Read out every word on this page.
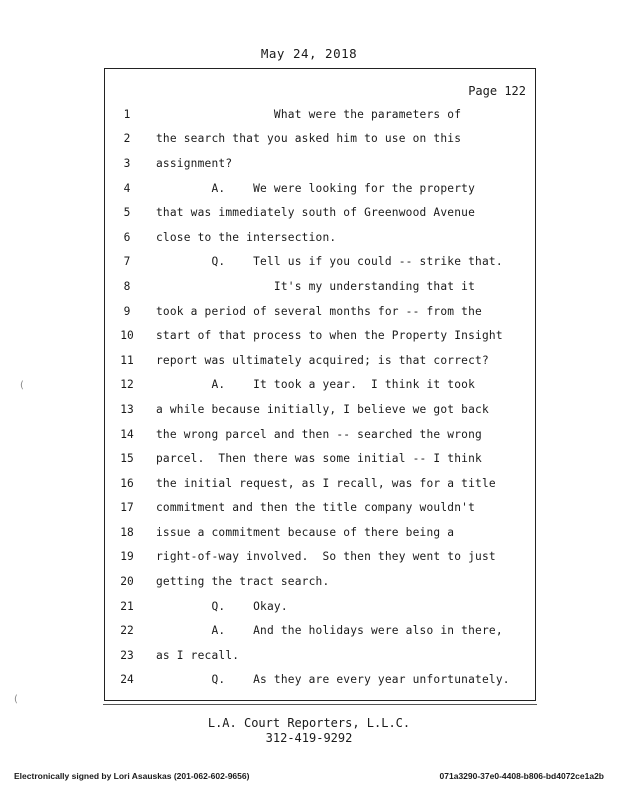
May 24, 2018
Page 122
1	What were the parameters of
2	the search that you asked him to use on this
3	assignment?
4	A.    We were looking for the property
5	that was immediately south of Greenwood Avenue
6	close to the intersection.
7	Q.    Tell us if you could -- strike that.
8	It's my understanding that it
9	took a period of several months for -- from the
10	start of that process to when the Property Insight
11	report was ultimately acquired; is that correct?
12	A.    It took a year.  I think it took
13	a while because initially, I believe we got back
14	the wrong parcel and then -- searched the wrong
15	parcel.  Then there was some initial -- I think
16	the initial request, as I recall, was for a title
17	commitment and then the title company wouldn't
18	issue a commitment because of there being a
19	right-of-way involved.  So then they went to just
20	getting the tract search.
21	Q.    Okay.
22	A.    And the holidays were also in there,
23	as I recall.
24	Q.    As they are every year unfortunately.
L.A. Court Reporters, L.L.C.
312-419-9292
Electronically signed by Lori Asauskas (201-062-602-9656)	071a3290-37e0-4408-b806-bd4072ce1a2b
(
(
